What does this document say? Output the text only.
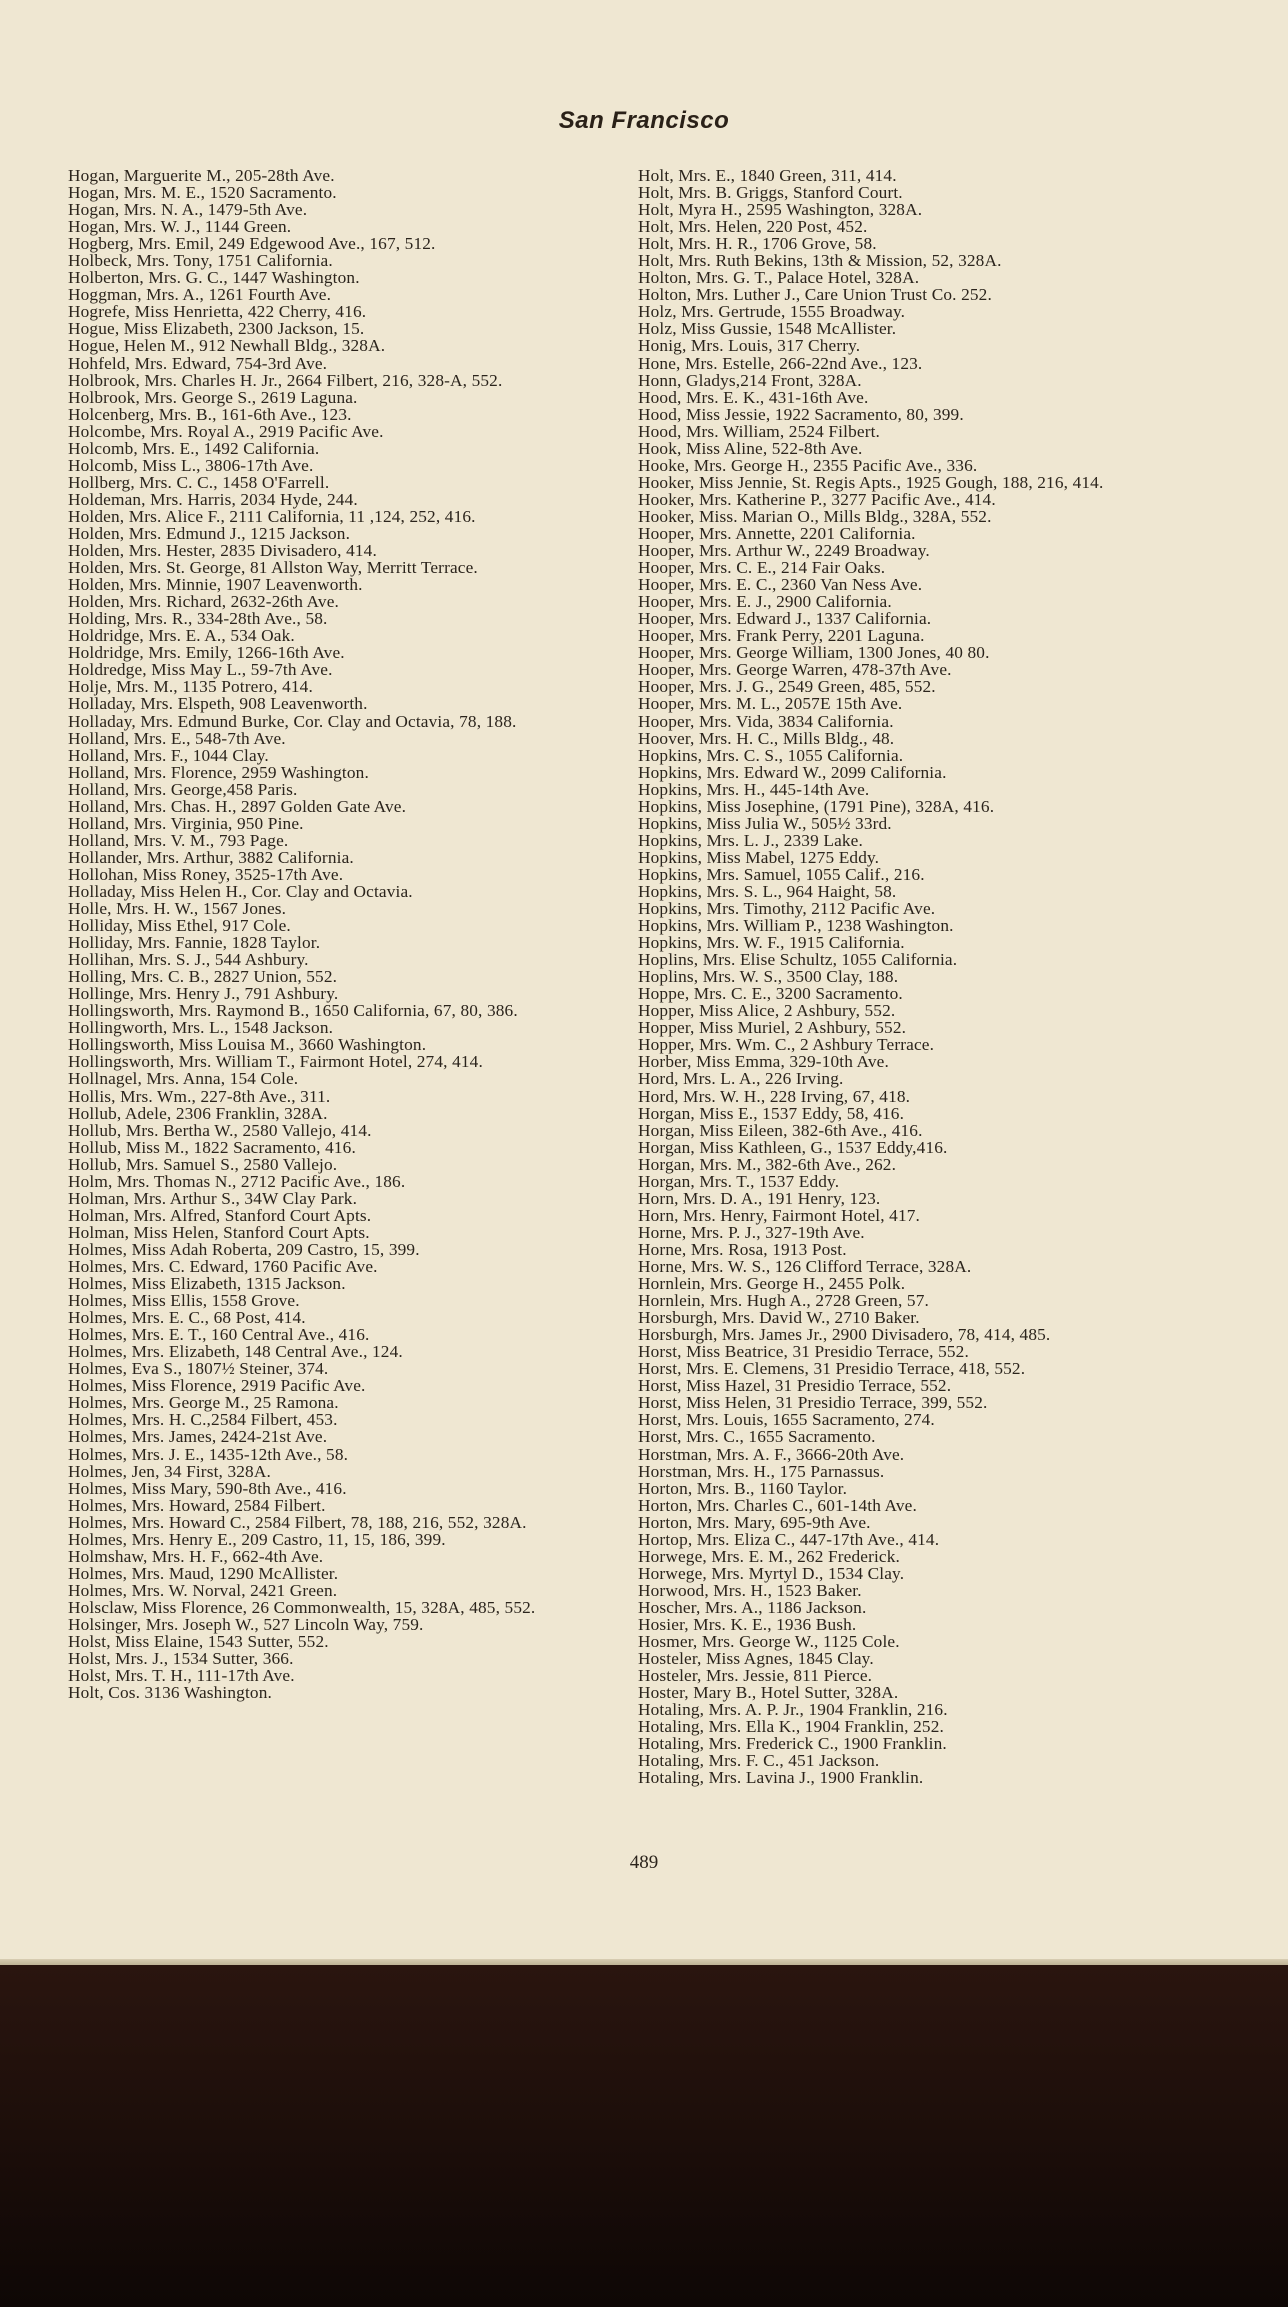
San Francisco

Hogan, Marguerite M., 205-28th Ave.

Hogan, Mrs. M. E., 1520 Sacramento.

Hogan, Mrs. N. A., 1479-5th Ave.

Hogan, Mrs. W. J., 1144 Green.

Hogberg, Mrs. Emil, 249 Edgewood Ave., 167, 512.

Holbeck, Mrs. Tony, 1751 California.

Holberton, Mrs. G. C., 1447 Washington.

Hoggman, Mrs. A., 1261 Fourth Ave.

Hogrefe, Miss Henrietta, 422 Cherry, 416.

Hogue, Miss Elizabeth, 2300 Jackson, 15.

Hogue, Helen M., 912 Newhall Bldg., 328A.

Hohfeld, Mrs. Edward, 754-3rd Ave.

Holbrook, Mrs. Charles H. Jr., 2664 Filbert, 216, 328-A, 552.

Holbrook, Mrs. George S., 2619 Laguna.

Holcenberg, Mrs. B., 161-6th Ave., 123.

Holcombe, Mrs. Royal A., 2919 Pacific Ave.

Holcomb, Mrs. E., 1492 California.

Holcomb, Miss L., 3806-17th Ave.

Hollberg, Mrs. C. C., 1458 O'Farrell.

Holdeman, Mrs. Harris, 2034 Hyde, 244.

Holden, Mrs. Alice F., 2111 California, 11 ,124, 252, 416.

Holden, Mrs. Edmund J., 1215 Jackson.

Holden, Mrs. Hester, 2835 Divisadero, 414.

Holden, Mrs. St. George, 81 Allston Way, Merritt Terrace.

Holden, Mrs. Minnie, 1907 Leavenworth.

Holden, Mrs. Richard, 2632-26th Ave.

Holding, Mrs. R., 334-28th Ave., 58.

Holdridge, Mrs. E. A., 534 Oak.

Holdridge, Mrs. Emily, 1266-16th Ave.

Holdredge, Miss May L., 59-7th Ave.

Holje, Mrs. M., 1135 Potrero, 414.

Holladay, Mrs. Elspeth, 908 Leavenworth.

Holladay, Mrs. Edmund Burke, Cor. Clay and Octavia, 78, 188.

Holland, Mrs. E., 548-7th Ave.

Holland, Mrs. F., 1044 Clay.

Holland, Mrs. Florence, 2959 Washington.

Holland, Mrs. George,458 Paris.

Holland, Mrs. Chas. H., 2897 Golden Gate Ave.

Holland, Mrs. Virginia, 950 Pine.

Holland, Mrs. V. M., 793 Page.

Hollander, Mrs. Arthur, 3882 California.

Hollohan, Miss Roney, 3525-17th Ave.

Holladay, Miss Helen H., Cor. Clay and Octavia.

Holle, Mrs. H. W., 1567 Jones.

Holliday, Miss Ethel, 917 Cole.

Holliday, Mrs. Fannie, 1828 Taylor.

Hollihan, Mrs. S. J., 544 Ashbury.

Holling, Mrs. C. B., 2827 Union, 552.

Hollinge, Mrs. Henry J., 791 Ashbury.

Hollingsworth, Mrs. Raymond B., 1650 California, 67, 80, 386.

Hollingworth, Mrs. L., 1548 Jackson.

Hollingsworth, Miss Louisa M., 3660 Washington.

Hollingsworth, Mrs. William T., Fairmont Hotel, 274, 414.

Hollnagel, Mrs. Anna, 154 Cole.

Hollis, Mrs. Wm., 227-8th Ave., 311.

Hollub, Adele, 2306 Franklin, 328A.

Hollub, Mrs. Bertha W., 2580 Vallejo, 414.

Hollub, Miss M., 1822 Sacramento, 416.

Hollub, Mrs. Samuel S., 2580 Vallejo.

Holm, Mrs. Thomas N., 2712 Pacific Ave., 186.

Holman, Mrs. Arthur S., 34W Clay Park.

Holman, Mrs. Alfred, Stanford Court Apts.

Holman, Miss Helen, Stanford Court Apts.

Holmes, Miss Adah Roberta, 209 Castro, 15, 399.

Holmes, Mrs. C. Edward, 1760 Pacific Ave.

Holmes, Miss Elizabeth, 1315 Jackson.

Holmes, Miss Ellis, 1558 Grove.

Holmes, Mrs. E. C., 68 Post, 414.

Holmes, Mrs. E. T., 160 Central Ave., 416.

Holmes, Mrs. Elizabeth, 148 Central Ave., 124.

Holmes, Eva S., 1807½ Steiner, 374.

Holmes, Miss Florence, 2919 Pacific Ave.

Holmes, Mrs. George M., 25 Ramona.

Holmes, Mrs. H. C.,2584 Filbert, 453.

Holmes, Mrs. James, 2424-21st Ave.

Holmes, Mrs. J. E., 1435-12th Ave., 58.

Holmes, Jen, 34 First, 328A.

Holmes, Miss Mary, 590-8th Ave., 416.

Holmes, Mrs. Howard, 2584 Filbert.

Holmes, Mrs. Howard C., 2584 Filbert, 78, 188, 216, 552, 328A.

Holmes, Mrs. Henry E., 209 Castro, 11, 15, 186, 399.

Holmshaw, Mrs. H. F., 662-4th Ave.

Holmes, Mrs. Maud, 1290 McAllister.

Holmes, Mrs. W. Norval, 2421 Green.

Holsclaw, Miss Florence, 26 Commonwealth, 15, 328A, 485, 552.

Holsinger, Mrs. Joseph W., 527 Lincoln Way, 759.

Holst, Miss Elaine, 1543 Sutter, 552.

Holst, Mrs. J., 1534 Sutter, 366.

Holst, Mrs. T. H., 111-17th Ave.

Holt, Cos. 3136 Washington.

Holt, Mrs. E., 1840 Green, 311, 414.

Holt, Mrs. B. Griggs, Stanford Court.

Holt, Myra H., 2595 Washington, 328A.

Holt, Mrs. Helen, 220 Post, 452.

Holt, Mrs. H. R., 1706 Grove, 58.

Holt, Mrs. Ruth Bekins, 13th & Mission, 52, 328A.

Holton, Mrs. G. T., Palace Hotel, 328A.

Holton, Mrs. Luther J., Care Union Trust Co. 252.

Holz, Mrs. Gertrude, 1555 Broadway.

Holz, Miss Gussie, 1548 McAllister.

Honig, Mrs. Louis, 317 Cherry.

Hone, Mrs. Estelle, 266-22nd Ave., 123.

Honn, Gladys,214 Front, 328A.

Hood, Mrs. E. K., 431-16th Ave.

Hood, Miss Jessie, 1922 Sacramento, 80, 399.

Hood, Mrs. William, 2524 Filbert.

Hook, Miss Aline, 522-8th Ave.

Hooke, Mrs. George H., 2355 Pacific Ave., 336.

Hooker, Miss Jennie, St. Regis Apts., 1925 Gough, 188, 216, 414.

Hooker, Mrs. Katherine P., 3277 Pacific Ave., 414.

Hooker, Miss. Marian O., Mills Bldg., 328A, 552.

Hooper, Mrs. Annette, 2201 California.

Hooper, Mrs. Arthur W., 2249 Broadway.

Hooper, Mrs. C. E., 214 Fair Oaks.

Hooper, Mrs. E. C., 2360 Van Ness Ave.

Hooper, Mrs. E. J., 2900 California.

Hooper, Mrs. Edward J., 1337 California.

Hooper, Mrs. Frank Perry, 2201 Laguna.

Hooper, Mrs. George William, 1300 Jones, 40 80.

Hooper, Mrs. George Warren, 478-37th Ave.

Hooper, Mrs. J. G., 2549 Green, 485, 552.

Hooper, Mrs. M. L., 2057E 15th Ave.

Hooper, Mrs. Vida, 3834 California.

Hoover, Mrs. H. C., Mills Bldg., 48.

Hopkins, Mrs. C. S., 1055 California.

Hopkins, Mrs. Edward W., 2099 California.

Hopkins, Mrs. H., 445-14th Ave.

Hopkins, Miss Josephine, (1791 Pine), 328A, 416.

Hopkins, Miss Julia W., 505½ 33rd.

Hopkins, Mrs. L. J., 2339 Lake.

Hopkins, Miss Mabel, 1275 Eddy.

Hopkins, Mrs. Samuel, 1055 Calif., 216.

Hopkins, Mrs. S. L., 964 Haight, 58.

Hopkins, Mrs. Timothy, 2112 Pacific Ave.

Hopkins, Mrs. William P., 1238 Washington.

Hopkins, Mrs. W. F., 1915 California.

Hoplins, Mrs. Elise Schultz, 1055 California.

Hoplins, Mrs. W. S., 3500 Clay, 188.

Hoppe, Mrs. C. E., 3200 Sacramento.

Hopper, Miss Alice, 2 Ashbury, 552.

Hopper, Miss Muriel, 2 Ashbury, 552.

Hopper, Mrs. Wm. C., 2 Ashbury Terrace.

Horber, Miss Emma, 329-10th Ave.

Hord, Mrs. L. A., 226 Irving.

Hord, Mrs. W. H., 228 Irving, 67, 418.

Horgan, Miss E., 1537 Eddy, 58, 416.

Horgan, Miss Eileen, 382-6th Ave., 416.

Horgan, Miss Kathleen, G., 1537 Eddy,416.

Horgan, Mrs. M., 382-6th Ave., 262.

Horgan, Mrs. T., 1537 Eddy.

Horn, Mrs. D. A., 191 Henry, 123.

Horn, Mrs. Henry, Fairmont Hotel, 417.

Horne, Mrs. P. J., 327-19th Ave.

Horne, Mrs. Rosa, 1913 Post.

Horne, Mrs. W. S., 126 Clifford Terrace, 328A.

Hornlein, Mrs. George H., 2455 Polk.

Hornlein, Mrs. Hugh A., 2728 Green, 57.

Horsburgh, Mrs. David W., 2710 Baker.

Horsburgh, Mrs. James Jr., 2900 Divisadero, 78, 414, 485.

Horst, Miss Beatrice, 31 Presidio Terrace, 552.

Horst, Mrs. E. Clemens, 31 Presidio Terrace, 418, 552.

Horst, Miss Hazel, 31 Presidio Terrace, 552.

Horst, Miss Helen, 31 Presidio Terrace, 399, 552.

Horst, Mrs. Louis, 1655 Sacramento, 274.

Horst, Mrs. C., 1655 Sacramento.

Horstman, Mrs. A. F., 3666-20th Ave.

Horstman, Mrs. H., 175 Parnassus.

Horton, Mrs. B., 1160 Taylor.

Horton, Mrs. Charles C., 601-14th Ave.

Horton, Mrs. Mary, 695-9th Ave.

Hortop, Mrs. Eliza C., 447-17th Ave., 414.

Horwege, Mrs. E. M., 262 Frederick.

Horwege, Mrs. Myrtyl D., 1534 Clay.

Horwood, Mrs. H., 1523 Baker.

Hoscher, Mrs. A., 1186 Jackson.

Hosier, Mrs. K. E., 1936 Bush.

Hosmer, Mrs. George W., 1125 Cole.

Hosteler, Miss Agnes, 1845 Clay.

Hosteler, Mrs. Jessie, 811 Pierce.

Hoster, Mary B., Hotel Sutter, 328A.

Hotaling, Mrs. A. P. Jr., 1904 Franklin, 216.

Hotaling, Mrs. Ella K., 1904 Franklin, 252.

Hotaling, Mrs. Frederick C., 1900 Franklin.

Hotaling, Mrs. F. C., 451 Jackson.

Hotaling, Mrs. Lavina J., 1900 Franklin.

489
